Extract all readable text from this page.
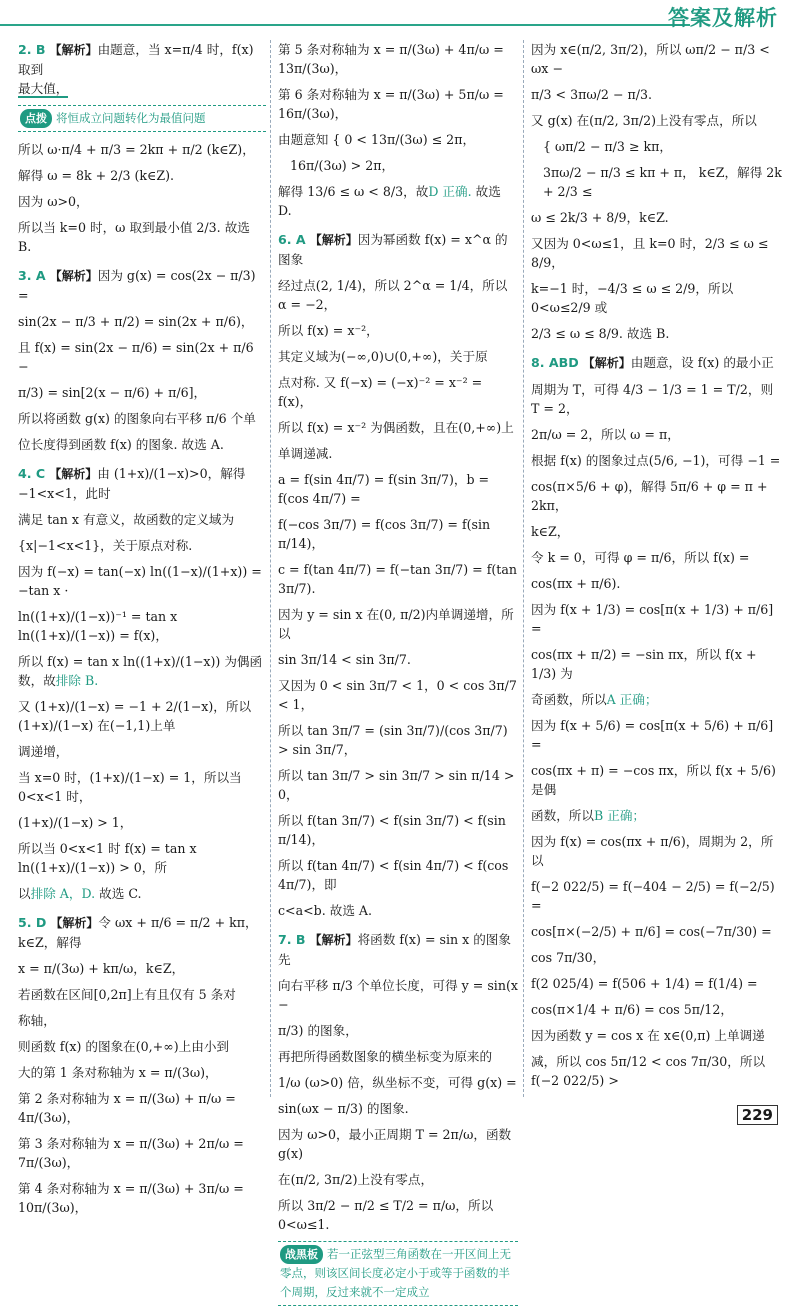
答案及解析

2. B 【解析】由题意，当 x=π/4 时，f(x)取到
最大值，

点拨 将恒成立问题转化为最值问题

所以 ω·π/4 + π/3 = 2kπ + π/2 (k∈Z)，

解得 ω = 8k + 2/3 (k∈Z).

因为 ω>0，

所以当 k=0 时，ω 取到最小值 2/3. 故选 B.

3. A 【解析】因为 g(x) = cos(2x − π/3) =

sin(2x − π/3 + π/2) = sin(2x + π/6)，

且 f(x) = sin(2x − π/6) = sin(2x + π/6 −

π/3) = sin[2(x − π/6) + π/6]，

所以将函数 g(x) 的图象向右平移 π/6 个单

位长度得到函数 f(x) 的图象. 故选 A.

4. C 【解析】由 (1+x)/(1−x)>0，解得 −1<x<1，此时

满足 tan x 有意义，故函数的定义域为

{x|−1<x<1}，关于原点对称.

因为 f(−x) = tan(−x) ln((1−x)/(1+x)) = −tan x ·

ln((1+x)/(1−x))⁻¹ = tan x ln((1+x)/(1−x)) = f(x)，

所以 f(x) = tan x ln((1+x)/(1−x)) 为偶函数，故排除 B.

又 (1+x)/(1−x) = −1 + 2/(1−x)，所以 (1+x)/(1−x) 在(−1,1)上单

调递增，

当 x=0 时，(1+x)/(1−x) = 1，所以当 0<x<1 时，

(1+x)/(1−x) > 1，

所以当 0<x<1 时 f(x) = tan x ln((1+x)/(1−x)) > 0，所

以排除 A，D. 故选 C.

5. D 【解析】令 ωx + π/6 = π/2 + kπ，k∈Z，解得

x = π/(3ω) + kπ/ω，k∈Z，

若函数在区间[0,2π]上有且仅有 5 条对

称轴，

则函数 f(x) 的图象在(0,+∞)上由小到

大的第 1 条对称轴为 x = π/(3ω)，

第 2 条对称轴为 x = π/(3ω) + π/ω = 4π/(3ω)，

第 3 条对称轴为 x = π/(3ω) + 2π/ω = 7π/(3ω)，

第 4 条对称轴为 x = π/(3ω) + 3π/ω = 10π/(3ω)，

第 5 条对称轴为 x = π/(3ω) + 4π/ω = 13π/(3ω)，

第 6 条对称轴为 x = π/(3ω) + 5π/ω = 16π/(3ω)，

由题意知 { 0 < 13π/(3ω) ≤ 2π，

16π/(3ω) > 2π，

解得 13/6 ≤ ω < 8/3，故D 正确. 故选 D.

6. A 【解析】因为幂函数 f(x) = x^α 的图象

经过点(2, 1/4)，所以 2^α = 1/4，所以 α = −2，

所以 f(x) = x⁻²，

其定义域为(−∞,0)∪(0,+∞)，关于原

点对称. 又 f(−x) = (−x)⁻² = x⁻² = f(x)，

所以 f(x) = x⁻² 为偶函数，且在(0,+∞)上

单调递减.

a = f(sin 4π/7) = f(sin 3π/7)，b = f(cos 4π/7) =

f(−cos 3π/7) = f(cos 3π/7) = f(sin π/14)，

c = f(tan 4π/7) = f(−tan 3π/7) = f(tan 3π/7).

因为 y = sin x 在(0, π/2)内单调递增，所以

sin 3π/14 < sin 3π/7.

又因为 0 < sin 3π/7 < 1，0 < cos 3π/7 < 1，

所以 tan 3π/7 = (sin 3π/7)/(cos 3π/7) > sin 3π/7，

所以 tan 3π/7 > sin 3π/7 > sin π/14 > 0，

所以 f(tan 3π/7) < f(sin 3π/7) < f(sin π/14)，

所以 f(tan 4π/7) < f(sin 4π/7) < f(cos 4π/7)，即

c<a<b. 故选 A.

7. B 【解析】将函数 f(x) = sin x 的图象先

向右平移 π/3 个单位长度，可得 y = sin(x −

π/3) 的图象，

再把所得函数图象的横坐标变为原来的

1/ω (ω>0) 倍，纵坐标不变，可得 g(x) =

sin(ωx − π/3) 的图象.

因为 ω>0，最小正周期 T = 2π/ω，函数 g(x)

在(π/2, 3π/2)上没有零点，

所以 3π/2 − π/2 ≤ T/2 = π/ω，所以 0<ω≤1.

战黑板 若一正弦型三角函数在一开区间上无零点，则该区间长度必定小于或等于函数的半个周期，反过来就不一定成立

因为 x∈(π/2, 3π/2)，所以 ωπ/2 − π/3 < ωx −

π/3 < 3πω/2 − π/3.

又 g(x) 在(π/2, 3π/2)上没有零点，所以

{ ωπ/2 − π/3 ≥ kπ，

3πω/2 − π/3 ≤ kπ + π， k∈Z，解得 2k + 2/3 ≤

ω ≤ 2k/3 + 8/9，k∈Z.

又因为 0<ω≤1，且 k=0 时，2/3 ≤ ω ≤ 8/9，

k=−1 时，−4/3 ≤ ω ≤ 2/9，所以 0<ω≤2/9 或

2/3 ≤ ω ≤ 8/9. 故选 B.

8. ABD 【解析】由题意，设 f(x) 的最小正

周期为 T，可得 4/3 − 1/3 = 1 = T/2，则 T = 2，

2π/ω = 2，所以 ω = π，

根据 f(x) 的图象过点(5/6, −1)，可得 −1 =

cos(π×5/6 + φ)，解得 5π/6 + φ = π + 2kπ，

k∈Z，

令 k = 0，可得 φ = π/6，所以 f(x) =

cos(πx + π/6).

因为 f(x + 1/3) = cos[π(x + 1/3) + π/6] =

cos(πx + π/2) = −sin πx，所以 f(x + 1/3) 为

奇函数，所以A 正确；

因为 f(x + 5/6) = cos[π(x + 5/6) + π/6] =

cos(πx + π) = −cos πx，所以 f(x + 5/6) 是偶

函数，所以B 正确；

因为 f(x) = cos(πx + π/6)，周期为 2，所以

f(−2 022/5) = f(−404 − 2/5) = f(−2/5) =

cos[π×(−2/5) + π/6] = cos(−7π/30) =

cos 7π/30，

f(2 025/4) = f(506 + 1/4) = f(1/4) =

cos(π×1/4 + π/6) = cos 5π/12，

因为函数 y = cos x 在 x∈(0,π) 上单调递

减，所以 cos 5π/12 < cos 7π/30，所以 f(−2 022/5) >

229
